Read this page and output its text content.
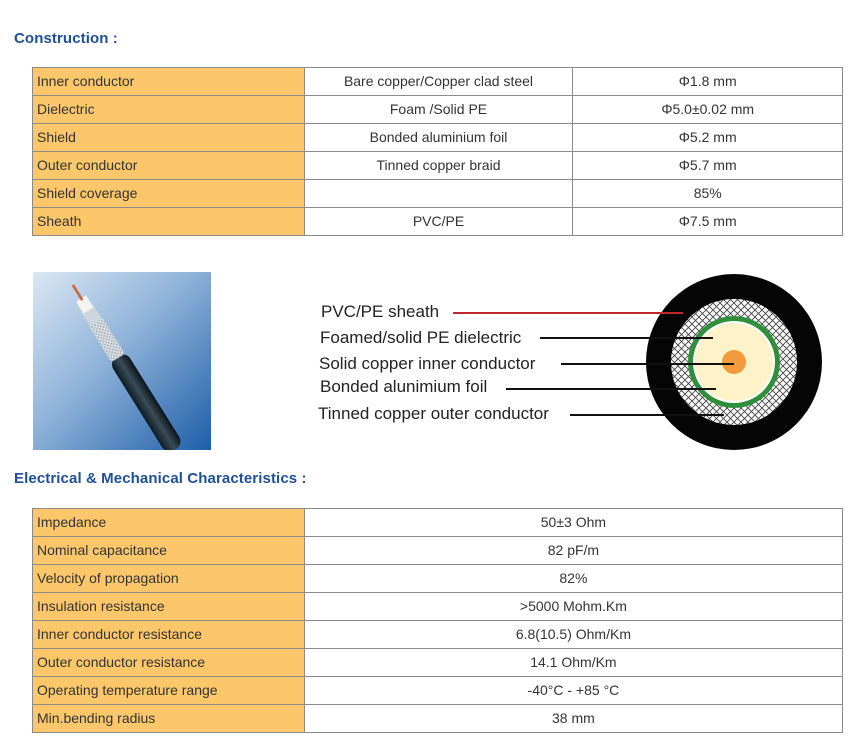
Construction :
Inner conductor	Bare copper/Copper clad steel	Φ1.8 mm
Dielectric	Foam /Solid PE	Φ5.0±0.02 mm
Shield	Bonded aluminium foil	Φ5.2 mm
Outer conductor	Tinned copper braid	Φ5.7 mm
Shield coverage		85%
Sheath	PVC/PE	Φ7.5 mm
PVC/PE sheath
Foamed/solid PE dielectric
Solid copper inner conductor
Bonded alunimium foil
Tinned copper outer conductor
Electrical & Mechanical Characteristics :
Impedance	50±3 Ohm
Nominal capacitance	82 pF/m
Velocity of propagation	82%
Insulation resistance	>5000 Mohm.Km
Inner conductor resistance	6.8(10.5) Ohm/Km
Outer conductor resistance	14.1 Ohm/Km
Operating temperature range	-40°C - +85 °C
Min.bending radius	38 mm
